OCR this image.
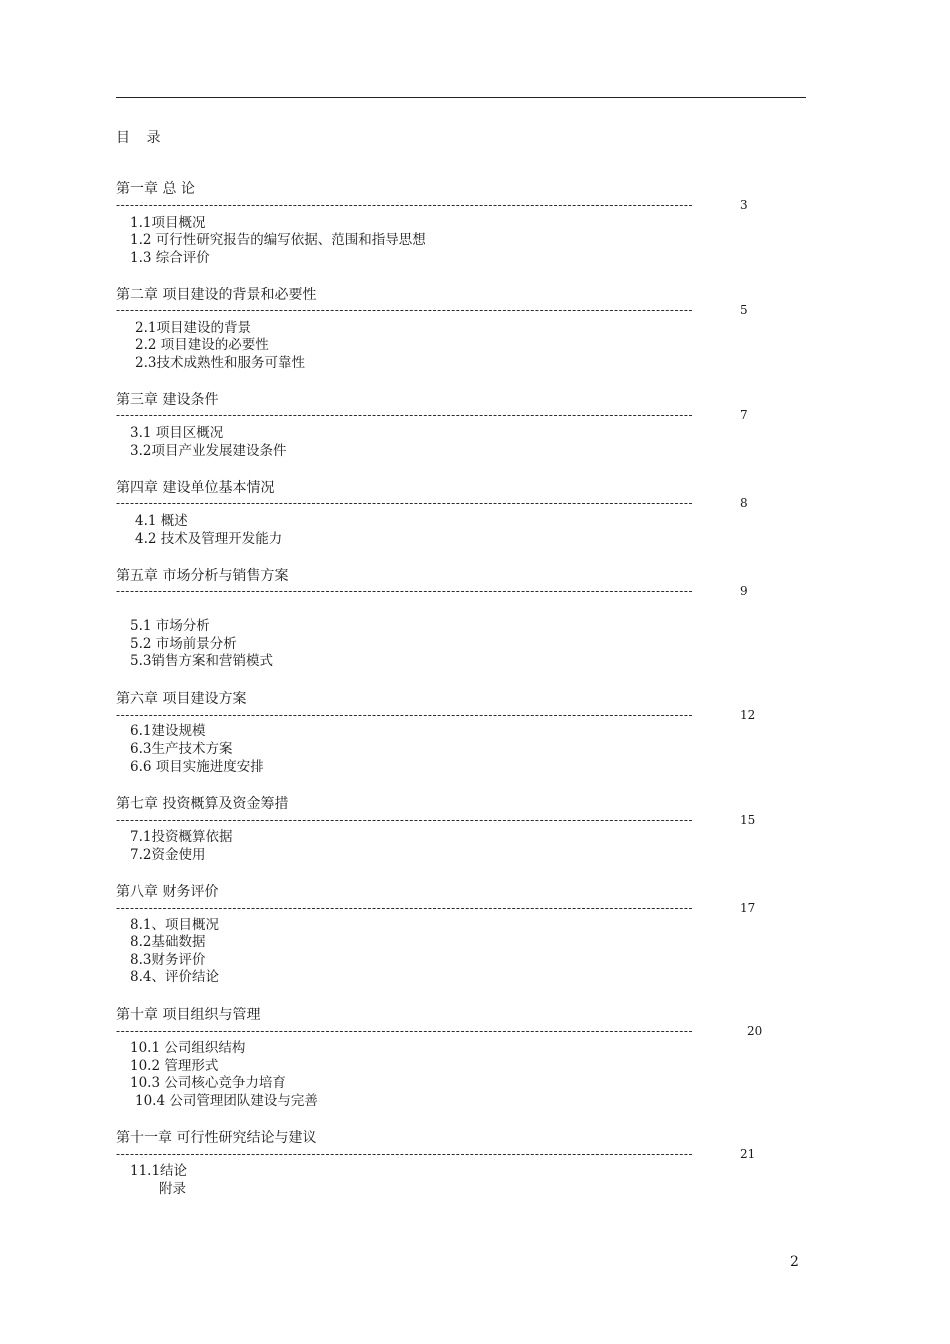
目 录
第一章 总 论
----------------------------------------------------------------------------------------------------------------------------	3
1.1项目概况
1.2 可行性研究报告的编写依据、范围和指导思想
1.3 综合评价
第二章 项目建设的背景和必要性
----------------------------------------------------------------------------------------------------------------------------	5
2.1项目建设的背景
2.2 项目建设的必要性
2.3技术成熟性和服务可靠性
第三章 建设条件
----------------------------------------------------------------------------------------------------------------------------	7
3.1 项目区概况
3.2项目产业发展建设条件
第四章 建设单位基本情况
----------------------------------------------------------------------------------------------------------------------------	8
4.1 概述
4.2 技术及管理开发能力
第五章 市场分析与销售方案
----------------------------------------------------------------------------------------------------------------------------	9
5.1 市场分析
5.2 市场前景分析
5.3销售方案和营销模式
第六章 项目建设方案
----------------------------------------------------------------------------------------------------------------------------	12
6.1建设规模
6.3生产技术方案
6.6 项目实施进度安排
第七章 投资概算及资金筹措
----------------------------------------------------------------------------------------------------------------------------	15
7.1投资概算依据
7.2资金使用
第八章 财务评价
----------------------------------------------------------------------------------------------------------------------------	17
8.1、项目概况
8.2基础数据
8.3财务评价
8.4、评价结论
第十章 项目组织与管理
----------------------------------------------------------------------------------------------------------------------------	20
10.1 公司组织结构
10.2 管理形式
10.3 公司核心竞争力培育
10.4 公司管理团队建设与完善
第十一章 可行性研究结论与建议
----------------------------------------------------------------------------------------------------------------------------	21
11.1结论
附录
2
